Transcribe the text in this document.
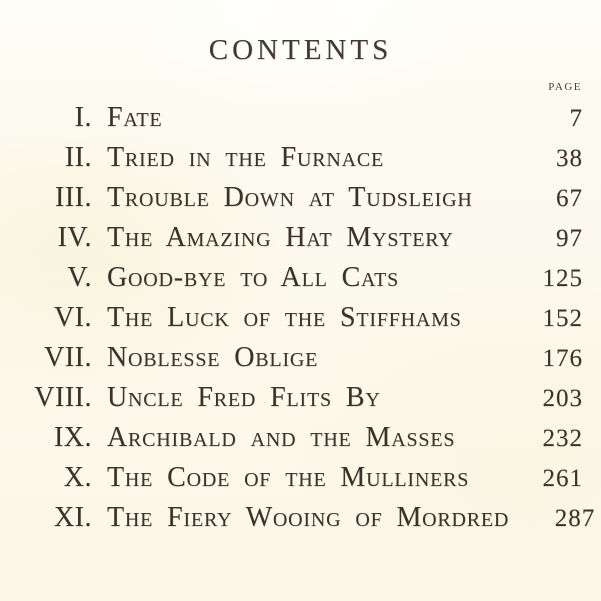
CONTENTS
PAGE
I. Fate	7
II. Tried in the Furnace	38
III. Trouble Down at Tudsleigh	67
IV. The Amazing Hat Mystery	97
V. Good-bye to All Cats	125
VI. The Luck of the Stiffhams	152
VII. Noblesse Oblige	176
VIII. Uncle Fred Flits By	203
IX. Archibald and the Masses	232
X. The Code of the Mulliners	261
XI. The Fiery Wooing of Mordred	287
